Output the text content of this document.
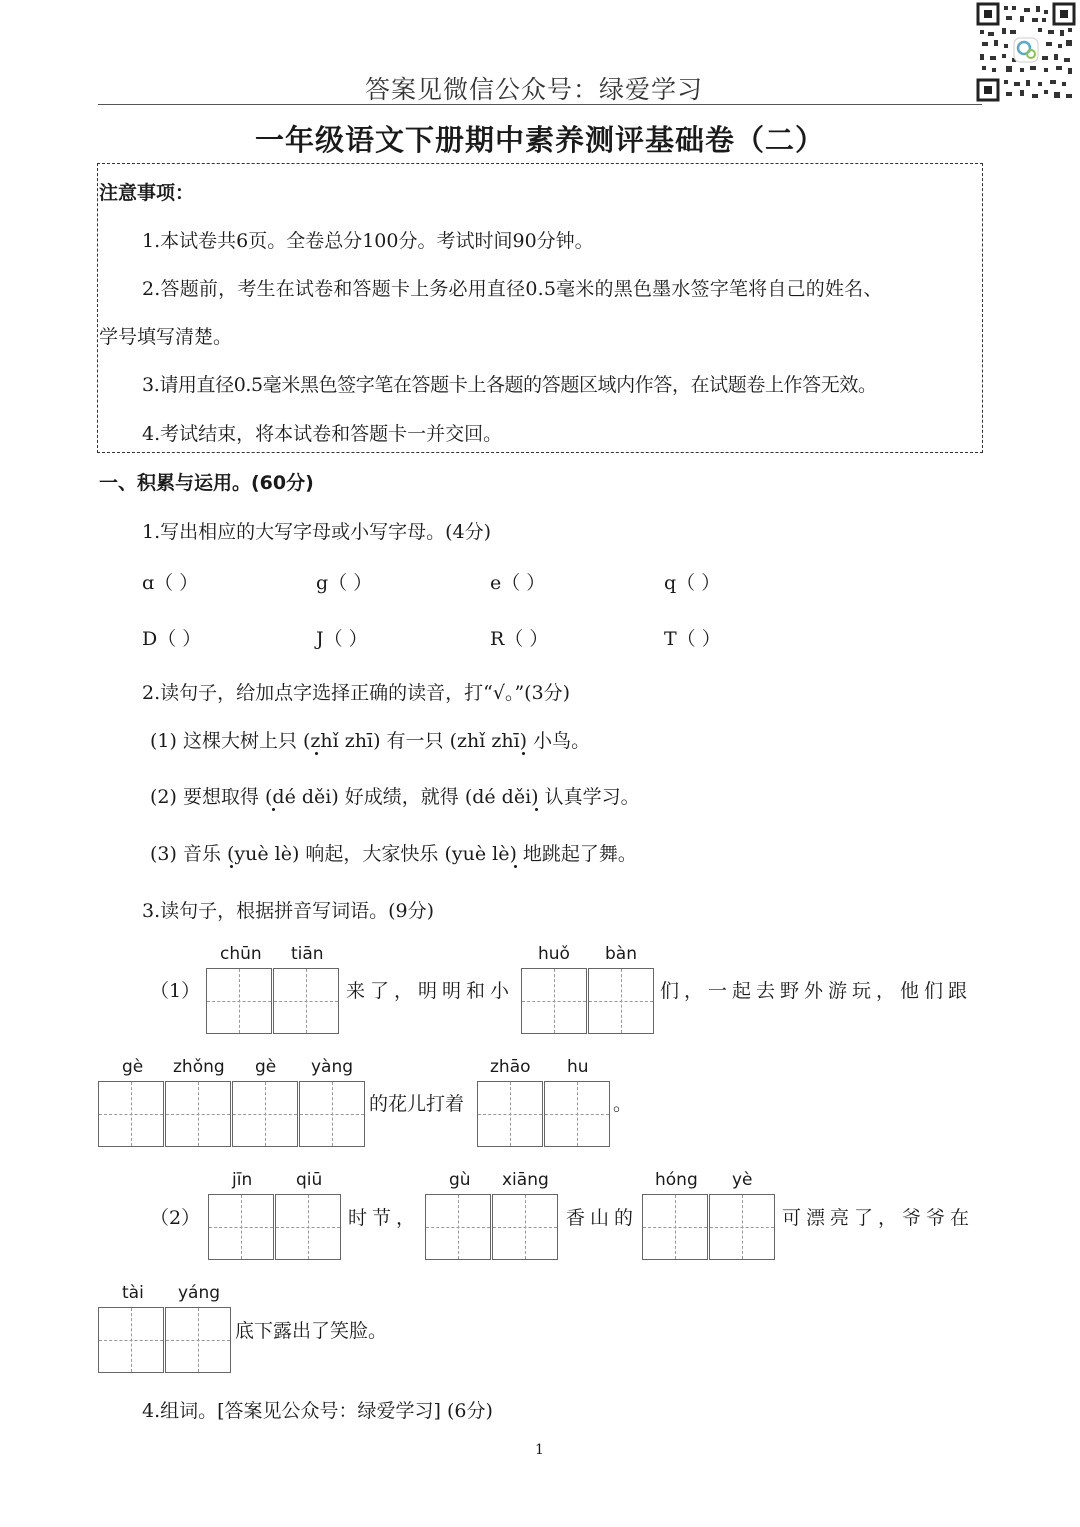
答案见微信公众号：绿爱学习
一年级语文下册期中素养测评基础卷（二）
注意事项：
1.本试卷共6页。全卷总分100分。考试时间90分钟。
2.答题前，考生在试卷和答题卡上务必用直径0.5毫米的黑色墨水签字笔将自己的姓名、
学号填写清楚。
3.请用直径0.5毫米黑色签字笔在答题卡上各题的答题区域内作答，在试题卷上作答无效。
4.考试结束，将本试卷和答题卡一并交回。
一、积累与运用。(60分)
1.写出相应的大写字母或小写字母。(4分)
ɑ（ ）	g（ ）	e（ ）	q（ ）
D（ ）	J（ ）	R（ ）	T（ ）
2.读句子，给加点字选择正确的读音，打“√。”(3分)
(1) 这棵大树上只 (zhǐ zhī) 有一只 (zhǐ zhī) 小鸟。
(2) 要想取得 (dé děi) 好成绩，就得 (dé děi) 认真学习。
(3) 音乐 (yuè lè) 响起，大家快乐 (yuè lè) 地跳起了舞。
3.读句子，根据拼音写词语。(9分)
（1）
chūn tiān
来了，明明和小
huǒ bàn
们，一起去野外游玩，他们跟
gè zhǒng gè yàng
的花儿打着
zhāo hu
。
（2）
jīn	qiū
时节，
gù xiāng
香山的
hóng yè
可漂亮了，爷爷在
tài yáng
底下露出了笑脸。
4.组词。[答案见公众号：绿爱学习] (6分)
1
